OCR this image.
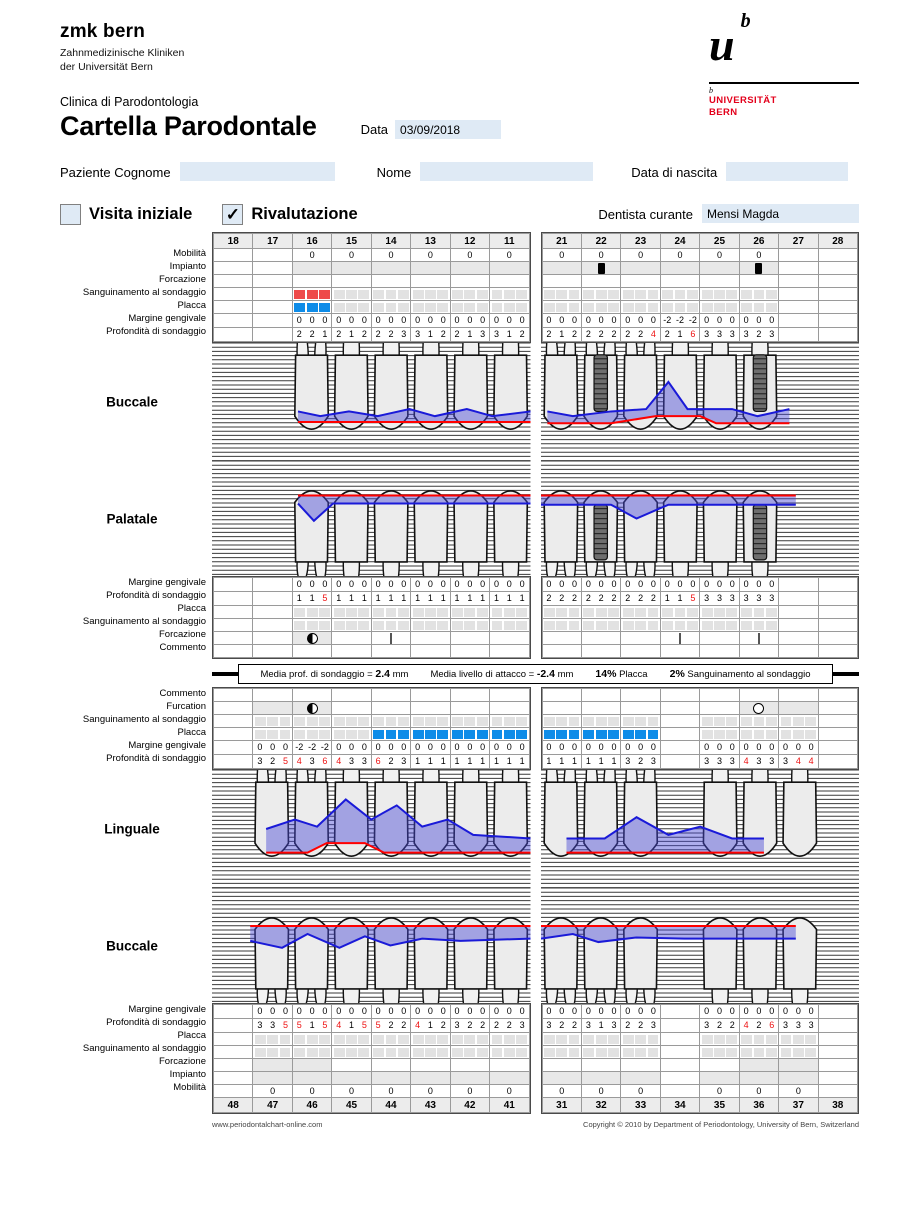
zmk bern
Zahnmedizinische Kliniken
der Universität Bern	u b
b
UNIVERSITÄT
BERN
Clinica di Parodontologia
Cartella Parodontale	Data	03/09/2018
Paziente Cognome	Nome	Data di nascita
Visita iniziale ✓ Rivalutazione	Dentista curante	Mensi Magda
Mobilità
Impianto
Forcazione
Sanguinamento al sondaggio
Placca
Margine gengivale
Profondità di sondaggio
18	17	16	15	14	13	12	11
		0	0	0	0	0	0

		0 0 0	0 0 0	0 0 0	0 0 0	0 0 0	0 0 0

		2 2 1	2 1 2	2 2 3	3 1 2	2 1 3	3 1 2
21	22	23	24	25	26	27	28
0	0	0	0	0	0		

0 0 0	0 0 0	0 0 0	-2 -2 -2	0 0 0	0 0 0		

2 1 2	2 2 2	2 2 4	2 1 6	3 3 3	3 2 3		

Buccale
Palatale
Margine gengivale
Profondità di sondaggio
Placca
Sanguinamento al sondaggio
Forcazione
Commento

		0 0 0	0 0 0	0 0 0	0 0 0	0 0 0	0 0 0

		1 1 5	1 1 1	1 1 1	1 1 1	1 1 1	1 1 1

0 0 0	0 0 0	0 0 0	0 0 0	0 0 0	0 0 0		

2 2 2	2 2 2	2 2 2	1 1 5	3 3 3	3 3 3		

Media prof. di sondaggio = 2.4 mm Media livello di attacco = -2.4 mm 14% Placca 2% Sanguinamento al sondaggio
Commento
Furcation
Sanguinamento al sondaggio
Placca
Margine gengivale
Profondità di sondaggio

	0 0 0	-2 -2 -2	0 0 0	0 0 0	0 0 0	0 0 0	0 0 0

	3 2 5	4 3 6	4 3 3	6 2 3	1 1 1	1 1 1	1 1 1

0 0 0	0 0 0	0 0 0		0 0 0	0 0 0	0 0 0	

1 1 1	1 1 1	3 2 3		3 3 3	4 3 3	3 4 4	

Linguale
Buccale
Margine gengivale
Profondità di sondaggio
Placca
Sanguinamento al sondaggio
Forcazione
Impianto
Mobilità

	0 0 0	0 0 0	0 0 0	0 0 0	0 0 0	0 0 0	0 0 0

	3 3 5	5 1 5	4 1 5	5 2 2	4 1 2	3 2 2	2 2 3

	0	0	0	0	0	0	0
48	47	46	45	44	43	42	41
0 0 0	0 0 0	0 0 0		0 0 0	0 0 0	0 0 0	

3 2 2	3 1 3	2 2 3		3 2 2	4 2 6	3 3 3	

0	0	0		0	0	0	
31	32	33	34	35	36	37	38
www.periodontalchart-online.com	Copyright © 2010 by Department of Periodontology, University of Bern, Switzerland
